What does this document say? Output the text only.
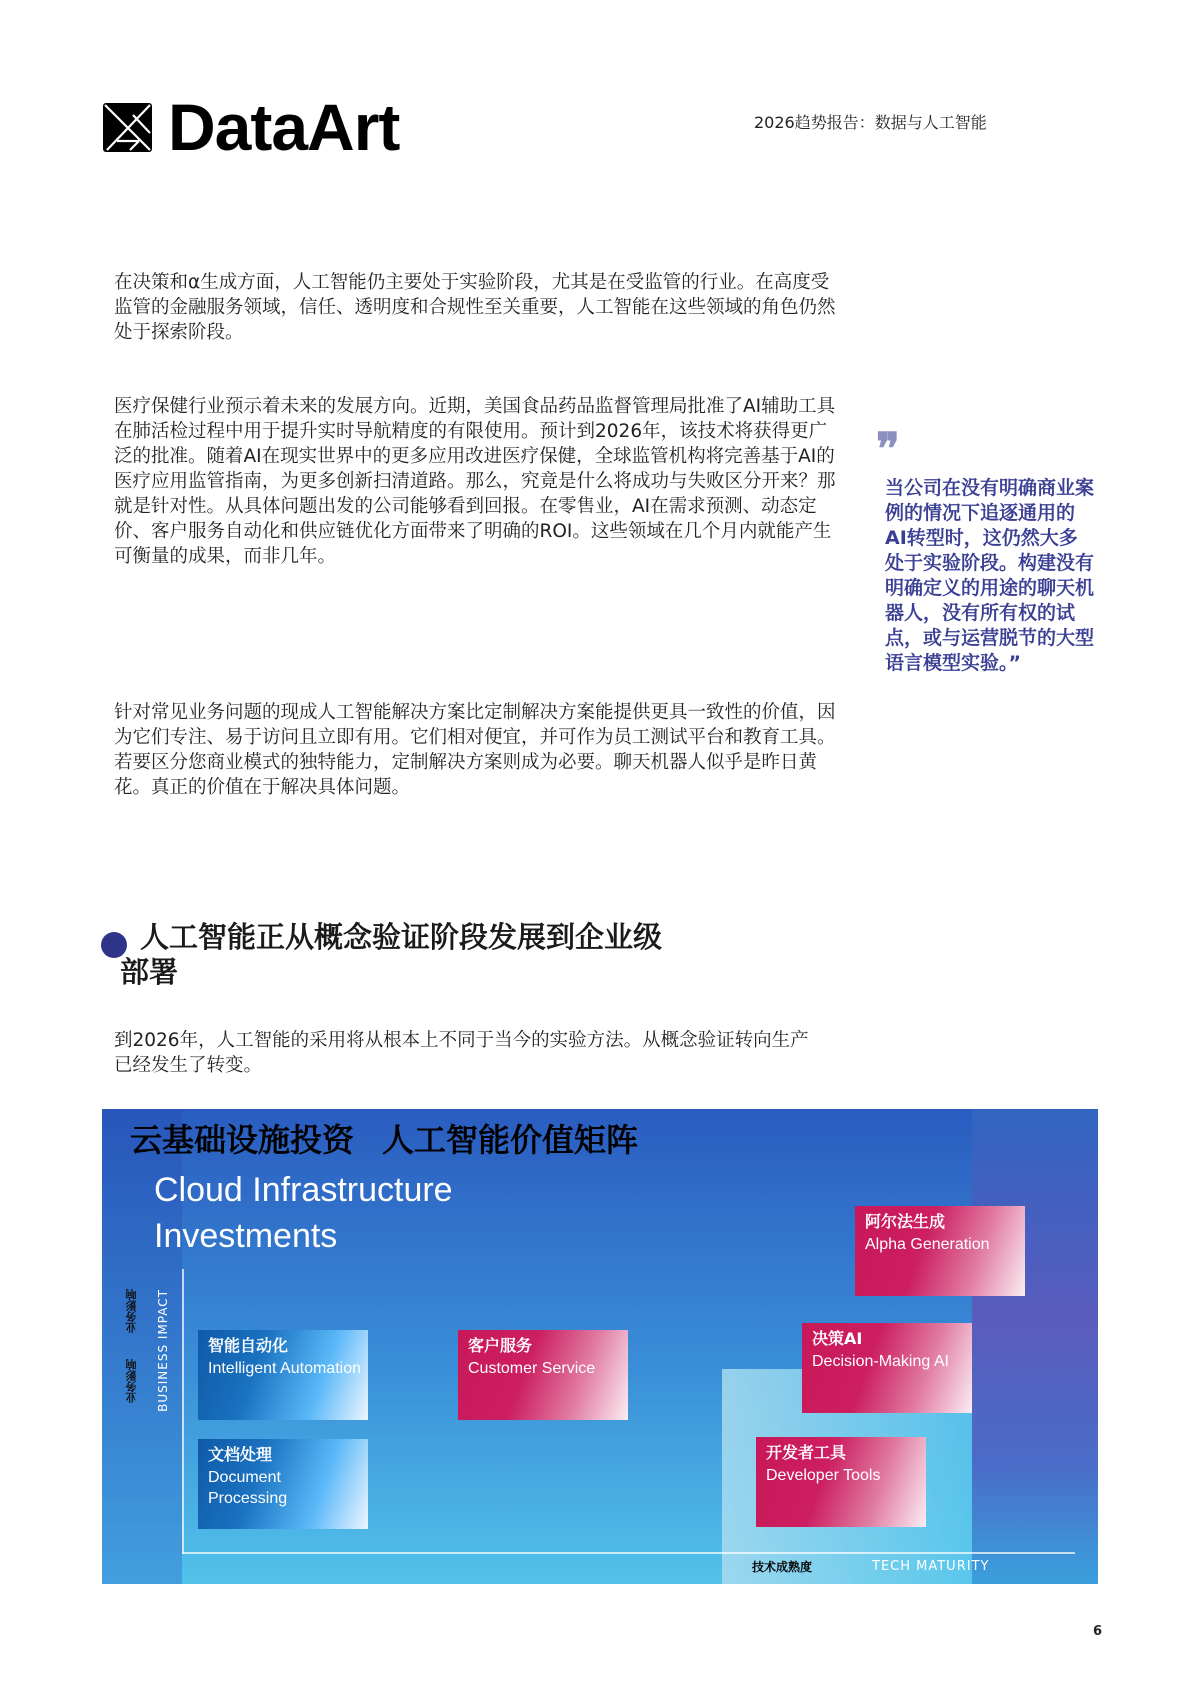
DataArt	2026趋势报告：数据与人工智能

在决策和α生成方面，人工智能仍主要处于实验阶段，尤其是在受监管的行业。在高度受监管的金融服务领域，信任、透明度和合规性至关重要，人工智能在这些领域的角色仍然处于探索阶段。

医疗保健行业预示着未来的发展方向。近期，美国食品药品监督管理局批准了AI辅助工具在肺活检过程中用于提升实时导航精度的有限使用。预计到2026年，该技术将获得更广泛的批准。随着AI在现实世界中的更多应用改进医疗保健，全球监管机构将完善基于AI的医疗应用监管指南，为更多创新扫清道路。那么，究竟是什么将成功与失败区分开来？那就是针对性。从具体问题出发的公司能够看到回报。在零售业，AI在需求预测、动态定价、客户服务自动化和供应链优化方面带来了明确的ROI。这些领域在几个月内就能产生可衡量的成果，而非几年。

针对常见业务问题的现成人工智能解决方案比定制解决方案能提供更具一致性的价值，因为它们专注、易于访问且立即有用。它们相对便宜，并可作为员工测试平台和教育工具。若要区分您商业模式的独特能力，定制解决方案则成为必要。聊天机器人似乎是昨日黄花。真正的价值在于解决具体问题。

❞

当公司在没有明确商业案例的情况下追逐通用的AI转型时，这仍然大多处于实验阶段。构建没有明确定义的用途的聊天机器人，没有所有权的试点，或与运营脱节的大型语言模型实验。”

人工智能正从概念验证阶段发展到企业级部署

到2026年，人工智能的采用将从根本上不同于当今的实验方法。从概念验证转向生产已经发生了转变。

云基础设施投资 人工智能价值矩阵
Cloud Infrastructure
Investments
业务影响
业务影响 BUSINESS IMPACT
技术成熟度	TECH MATURITY
智能自动化
Intelligent Automation
文档处理
Document Processing
客户服务
Customer Service
阿尔法生成
Alpha Generation
决策AI
Decision-Making AI
开发者工具
Developer Tools
6
